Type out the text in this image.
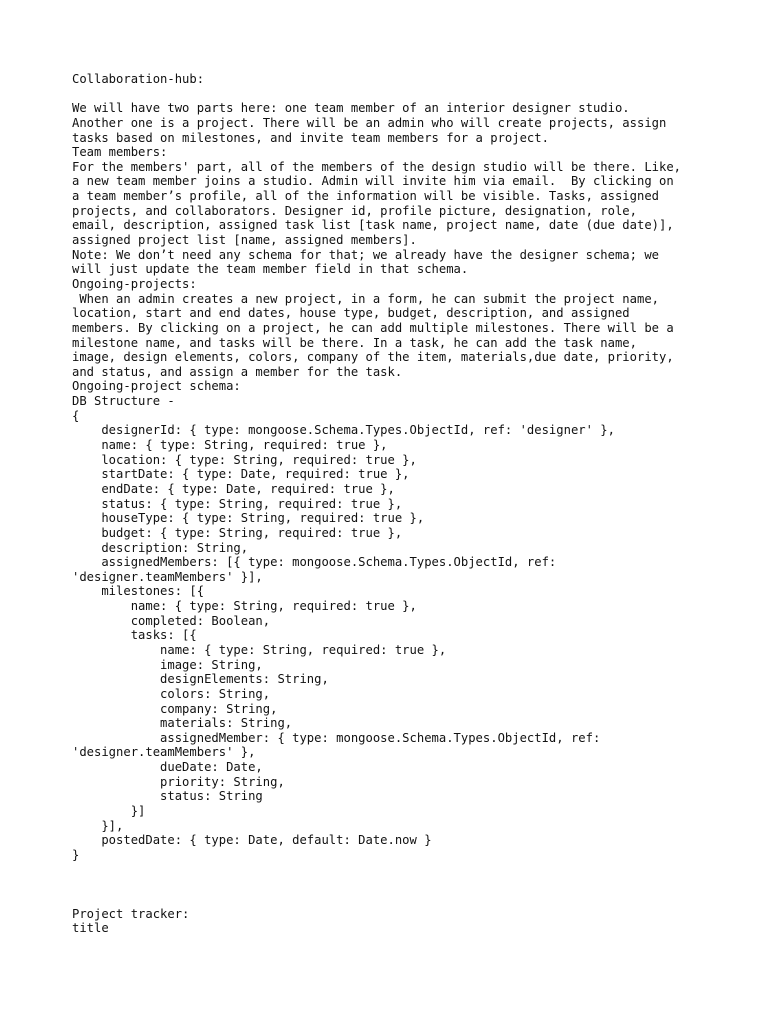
Collaboration-hub:
We will have two parts here: one team member of an interior designer studio.
Another one is a project. There will be an admin who will create projects, assign
tasks based on milestones, and invite team members for a project.
Team members:
For the members' part, all of the members of the design studio will be there. Like,
a new team member joins a studio. Admin will invite him via email.  By clicking on
a team member’s profile, all of the information will be visible. Tasks, assigned
projects, and collaborators. Designer id, profile picture, designation, role,
email, description, assigned task list [task name, project name, date (due date)],
assigned project list [name, assigned members].
Note: We don’t need any schema for that; we already have the designer schema; we
will just update the team member field in that schema.
Ongoing-projects:
When an admin creates a new project, in a form, he can submit the project name,
location, start and end dates, house type, budget, description, and assigned
members. By clicking on a project, he can add multiple milestones. There will be a
milestone name, and tasks will be there. In a task, he can add the task name,
image, design elements, colors, company of the item, materials,due date, priority,
and status, and assign a member for the task.
Ongoing-project schema:
DB Structure -
{
designerId: { type: mongoose.Schema.Types.ObjectId, ref: 'designer' },
name: { type: String, required: true },
location: { type: String, required: true },
startDate: { type: Date, required: true },
endDate: { type: Date, required: true },
status: { type: String, required: true },
houseType: { type: String, required: true },
budget: { type: String, required: true },
description: String,
assignedMembers: [{ type: mongoose.Schema.Types.ObjectId, ref:
'designer.teamMembers' }],
milestones: [{
name: { type: String, required: true },
completed: Boolean,
tasks: [{
name: { type: String, required: true },
image: String,
designElements: String,
colors: String,
company: String,
materials: String,
assignedMember: { type: mongoose.Schema.Types.ObjectId, ref:
'designer.teamMembers' },
dueDate: Date,
priority: String,
status: String
}]
}],
postedDate: { type: Date, default: Date.now }
}
Project tracker:
title
